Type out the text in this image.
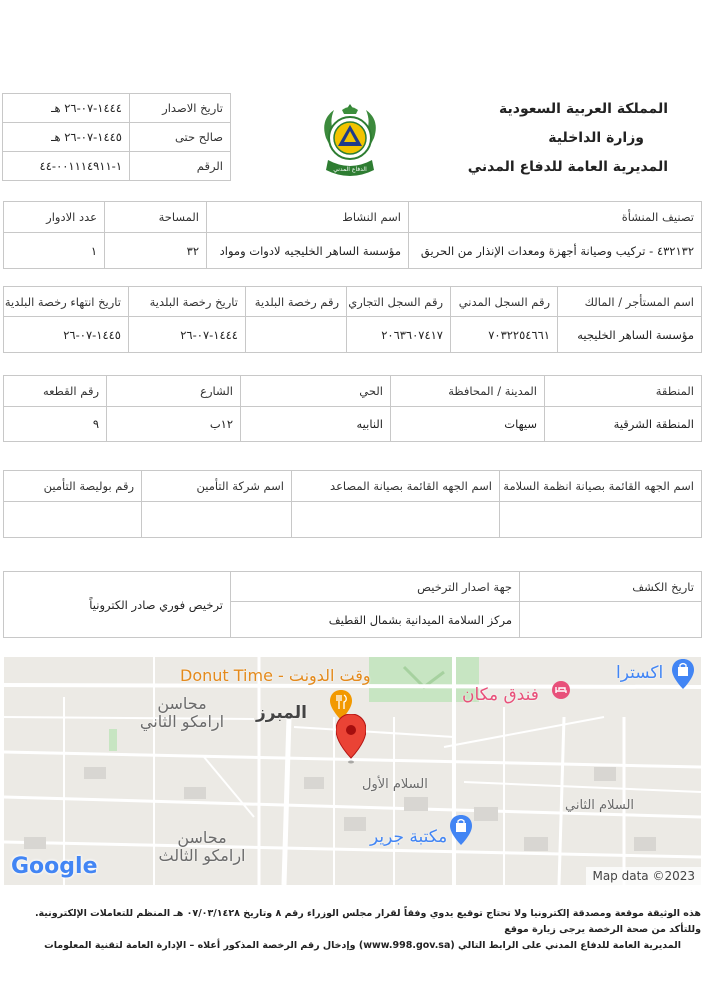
المملكة العربية السعودية
وزارة الداخلية
المديرية العامة للدفاع المدني
الدفاع المدني
تاريخ الاصدار	١٤٤٤-٠٧-٢٦ هـ
صالح حتى	١٤٤٥-٠٧-٢٦ هـ
الرقم	١-٠٠١١١٤٩١١-٤٤
تصنيف المنشأة	اسم النشاط	المساحة	عدد الادوار
٤٣٢١٣٢ - تركيب وصيانة أجهزة ومعدات الإنذار من الحريق	مؤسسة الساهر الخليجيه لادوات ومواد	٣٢	١
اسم المستأجر / المالك	رقم السجل المدني	رقم السجل التجاري	رقم رخصة البلدية	تاريخ رخصة البلدية	تاريخ انتهاء رخصة البلدية
مؤسسة الساهر الخليجيه	٧٠٣٢٢٥٤٦٦١	٢٠٦٣٦٠٧٤١٧		١٤٤٤-٠٧-٢٦	١٤٤٥-٠٧-٢٦
المنطقة	المدينة / المحافظة	الحي	الشارع	رقم القطعه
المنطقة الشرقية	سيهات	النابيه	١٢ب	٩
اسم الجهه القائمة بصيانة انظمة السلامة	اسم الجهه القائمة بصيانة المصاعد	اسم شركة التأمين	رقم بوليصة التأمين

تاريخ الكشف	جهة اصدار الترخيص	ترخيص فوري صادر الكترونياً
	مركز السلامة الميدانية بشمال القطيف	
Donut Time - وقت الدونت
المبرز
محاسن ارامكو الثاني
محاسن ارامكو الثالث
السلام الأول
السلام الثاني
فندق مكان
اكسترا
مكتبة جرير
Google	Map data ©2023
هذه الوثيقة موقعة ومصدقة إلكترونيا ولا تحتاج توقيع يدوي وفقاً لقرار مجلس الوزراء رقم ٨ وتاريخ ٠٧/٠٣/١٤٢٨ هـ المنظم للتعاملات الإلكترونية. وللتأكد من صحة الرخصة يرجى زيارة موقع
المديرية العامة للدفاع المدني على الرابط التالي (www.998.gov.sa) وإدخال رقم الرخصة المذكور أعلاه – الإدارة العامة لتقنية المعلومات
